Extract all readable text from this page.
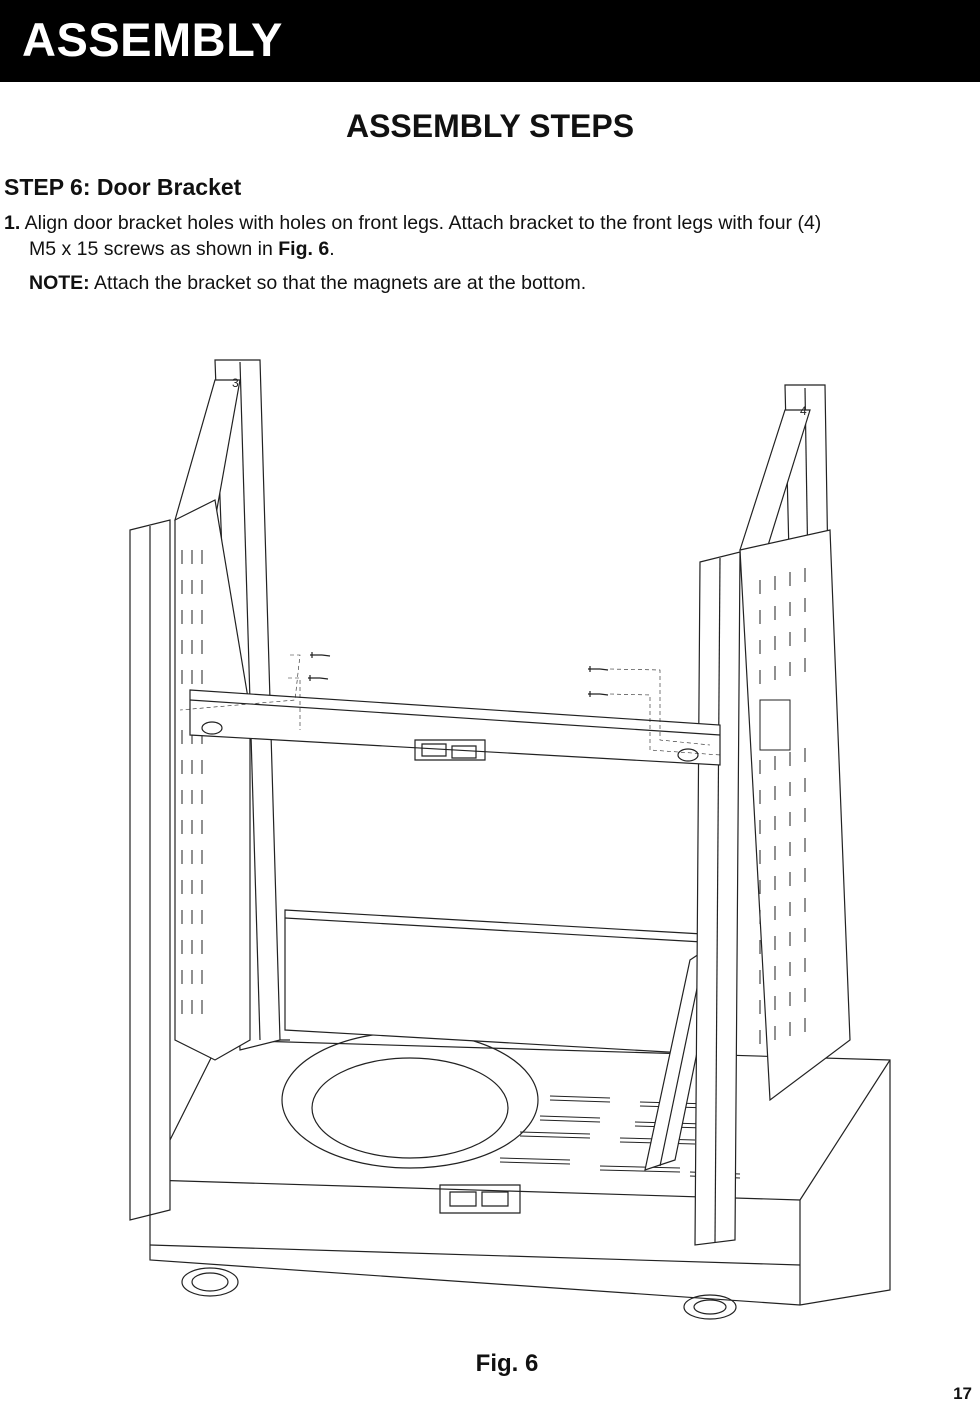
ASSEMBLY
ASSEMBLY STEPS
STEP 6: Door Bracket
1. Align door bracket holes with holes on front legs. Attach bracket to the front legs with four (4)
M5 x 15 screws as shown in Fig. 6.
NOTE: Attach the bracket so that the magnets are at the bottom.
3
4
Fig. 6
17
